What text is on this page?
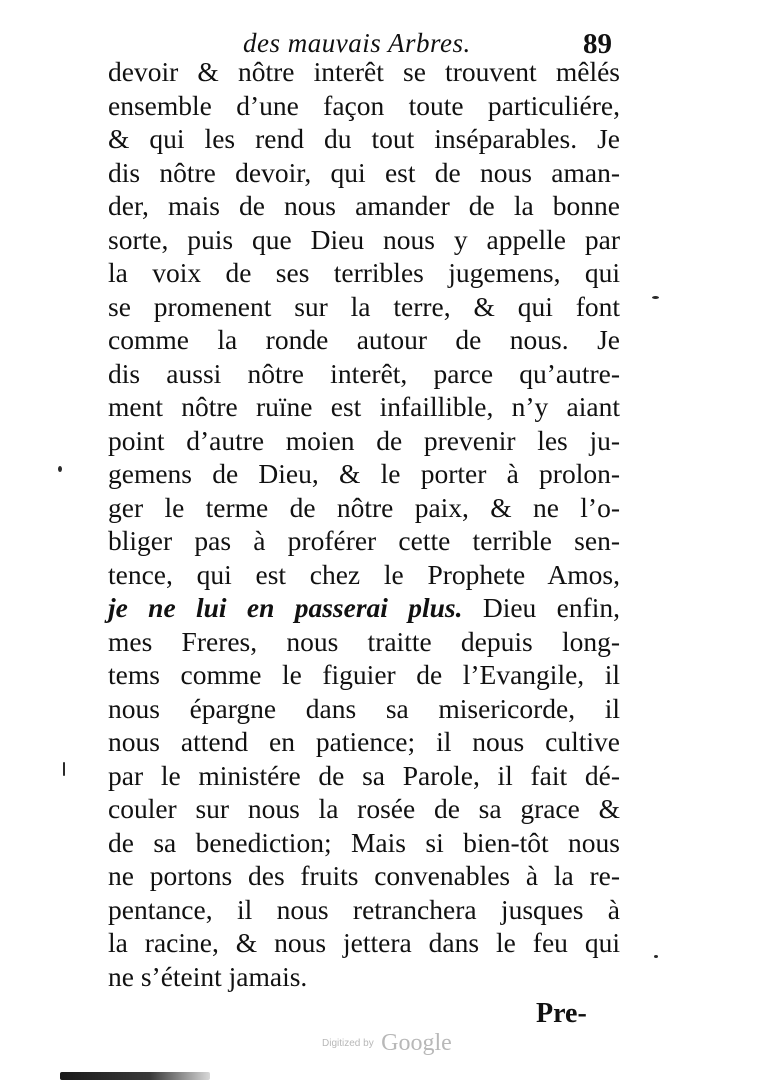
des mauvais Arbres.	89
devoir & nôtre interêt se trouvent mêlés
ensemble d’une façon toute particuliére,
& qui les rend du tout inséparables. Je
dis nôtre devoir, qui est de nous aman-
der, mais de nous amander de la bonne
sorte, puis que Dieu nous y appelle par
la voix de ses terribles jugemens, qui
se promenent sur la terre, & qui font
comme la ronde autour de nous. Je
dis aussi nôtre interêt, parce qu’autre-
ment nôtre ruïne est infaillible, n’y aiant
point d’autre moien de prevenir les ju-
gemens de Dieu, & le porter à prolon-
ger le terme de nôtre paix, & ne l’o-
bliger pas à proférer cette terrible sen-
tence, qui est chez le Prophete Amos,
je ne lui en passerai plus. Dieu enfin,
mes Freres, nous traitte depuis long-
tems comme le figuier de l’Evangile, il
nous épargne dans sa misericorde, il
nous attend en patience; il nous cultive
par le ministére de sa Parole, il fait dé-
couler sur nous la rosée de sa grace &
de sa benediction; Mais si bien-tôt nous
ne portons des fruits convenables à la re-
pentance, il nous retranchera jusques à
la racine, & nous jettera dans le feu qui
ne s’éteint jamais.
Pre-
Digitized by Google
